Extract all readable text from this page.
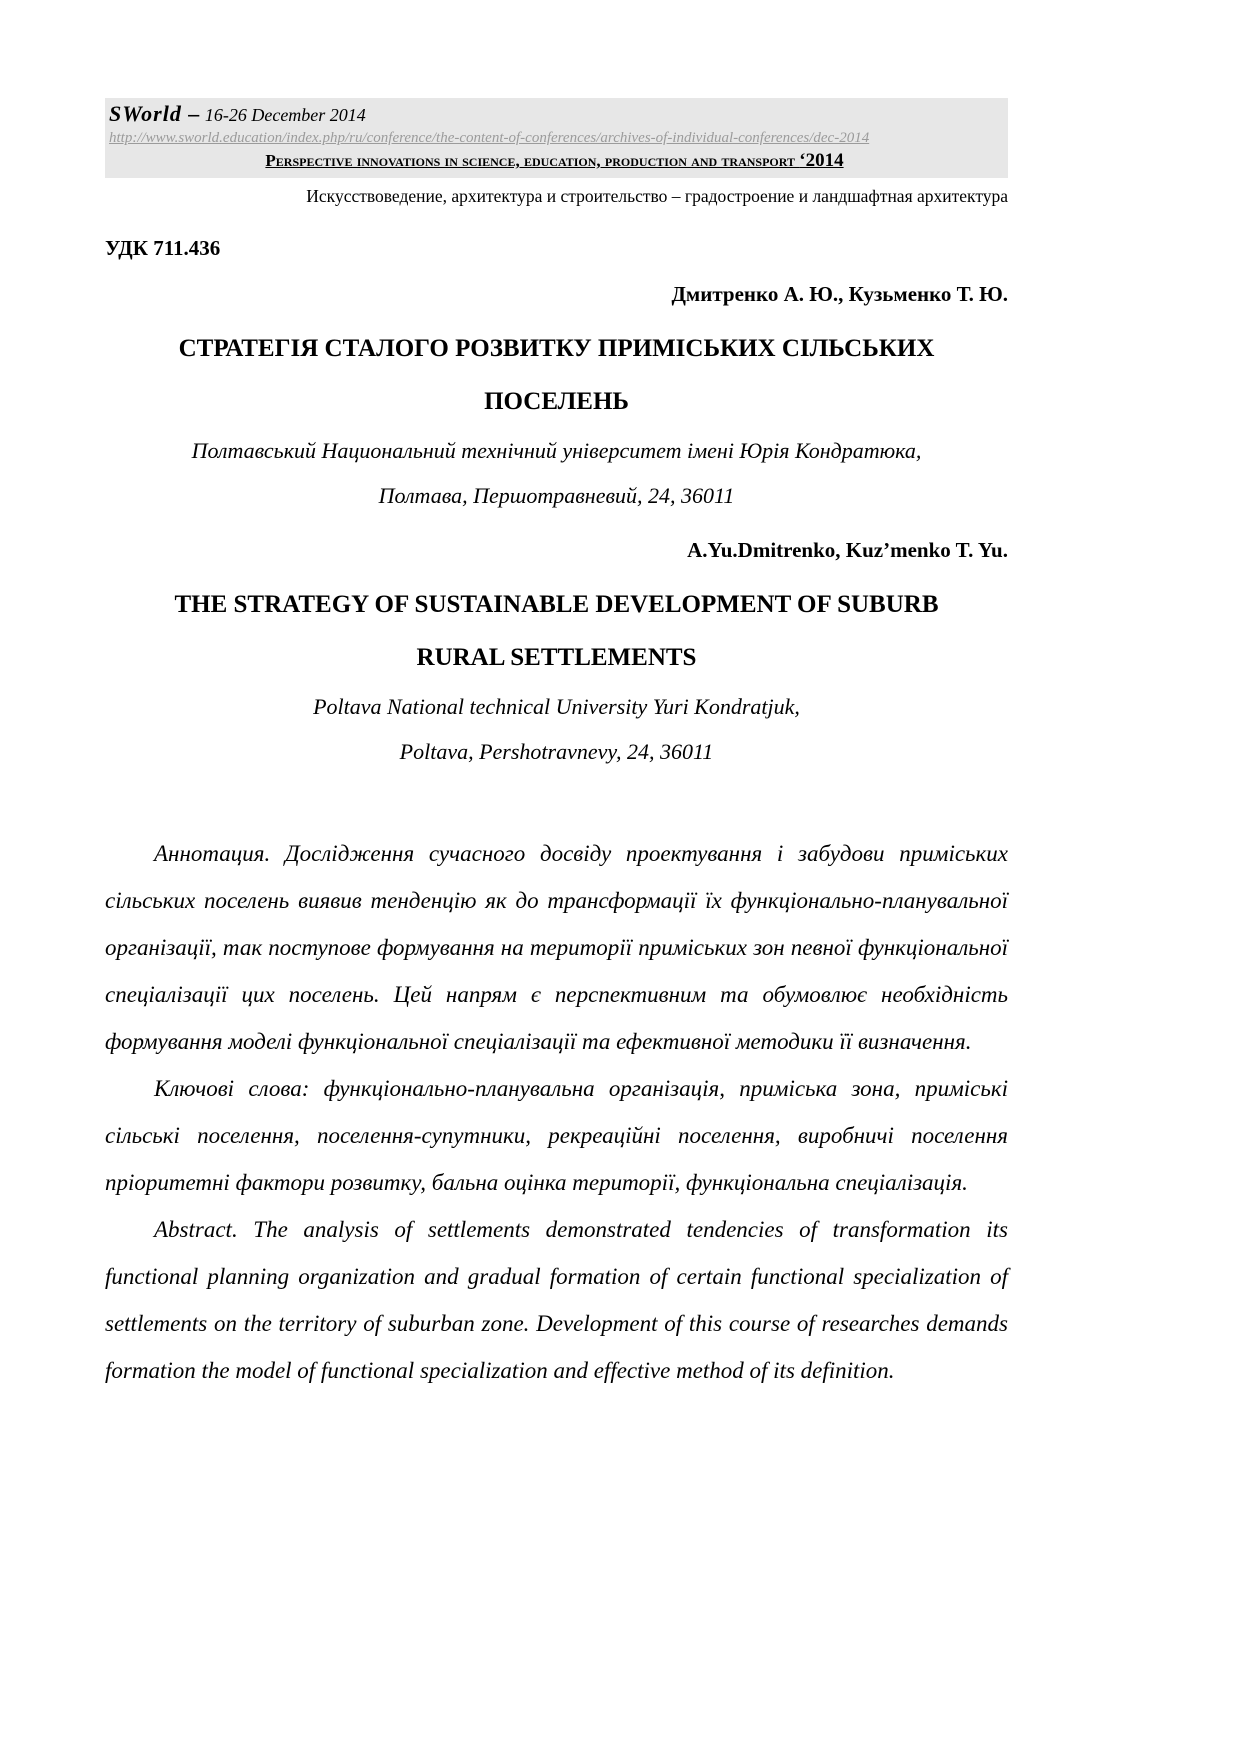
SWorld – 16-26 December 2014
http://www.sworld.education/index.php/ru/conference/the-content-of-conferences/archives-of-individual-conferences/dec-2014
Perspective innovations in science, education, production and transport ‘2014
Искусствоведение, архитектура и строительство – градостроение и ландшафтная архитектура
УДК 711.436
Дмитренко А. Ю., Кузьменко Т. Ю.
СТРАТЕГІЯ СТАЛОГО РОЗВИТКУ ПРИМІСЬКИХ СІЛЬСЬКИХ
ПОСЕЛЕНЬ
Полтавський Национальний технічний університет імені Юрія Кондратюка,
Полтава, Першотравневий, 24, 36011
A.Yu.Dmitrenko, Kuz’menko T. Yu.
THE STRATEGY OF SUSTAINABLE DEVELOPMENT OF SUBURB
RURAL SETTLEMENTS
Poltava National technical University Yuri Kondratjuk,
Poltava, Pershotravnevy, 24, 36011

Аннотация. Дослідження сучасного досвіду проектування і забудови приміських сільських поселень виявив тенденцію як до трансформації їх функціонально-планувальної організації, так поступове формування на території приміських зон певної функціональної спеціалізації цих поселень. Цей напрям є перспективним та обумовлює необхідність формування моделі функціональної спеціалізації та ефективної методики її визначення.

Ключові слова: функціонально-планувальна організація, приміська зона, приміські сільські поселення, поселення-супутники, рекреаційні поселення, виробничі поселення пріоритетні фактори розвитку, бальна оцінка території, функціональна спеціалізація.

Abstract. The analysis of settlements demonstrated tendencies of transformation its functional planning organization and gradual formation of certain functional specialization of settlements on the territory of suburban zone. Development of this course of researches demands formation the model of functional specialization and effective method of its definition.
